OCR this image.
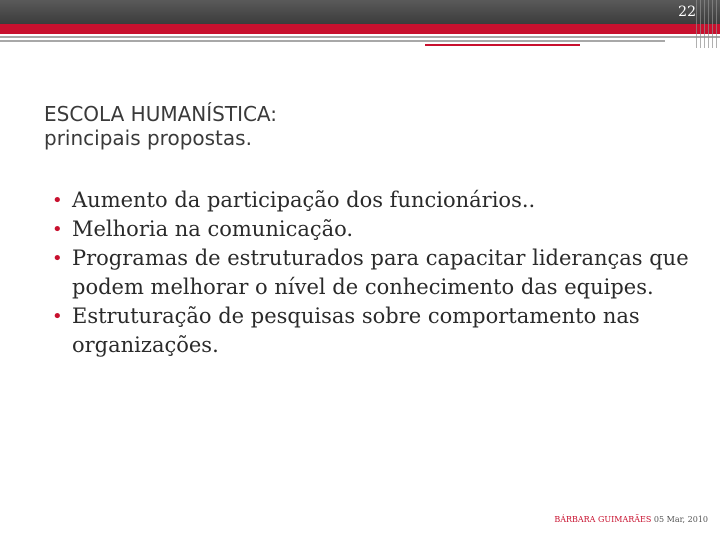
22
ESCOLA HUMANÍSTICA:
principais propostas.
• Aumento da participação dos funcionários..
• Melhoria na comunicação.
• Programas de estruturados para capacitar lideranças que podem melhorar o nível de conhecimento das equipes.
• Estruturação de pesquisas sobre comportamento nas organizações.
BÁRBARA GUIMARÃES 05 Mar, 2010
